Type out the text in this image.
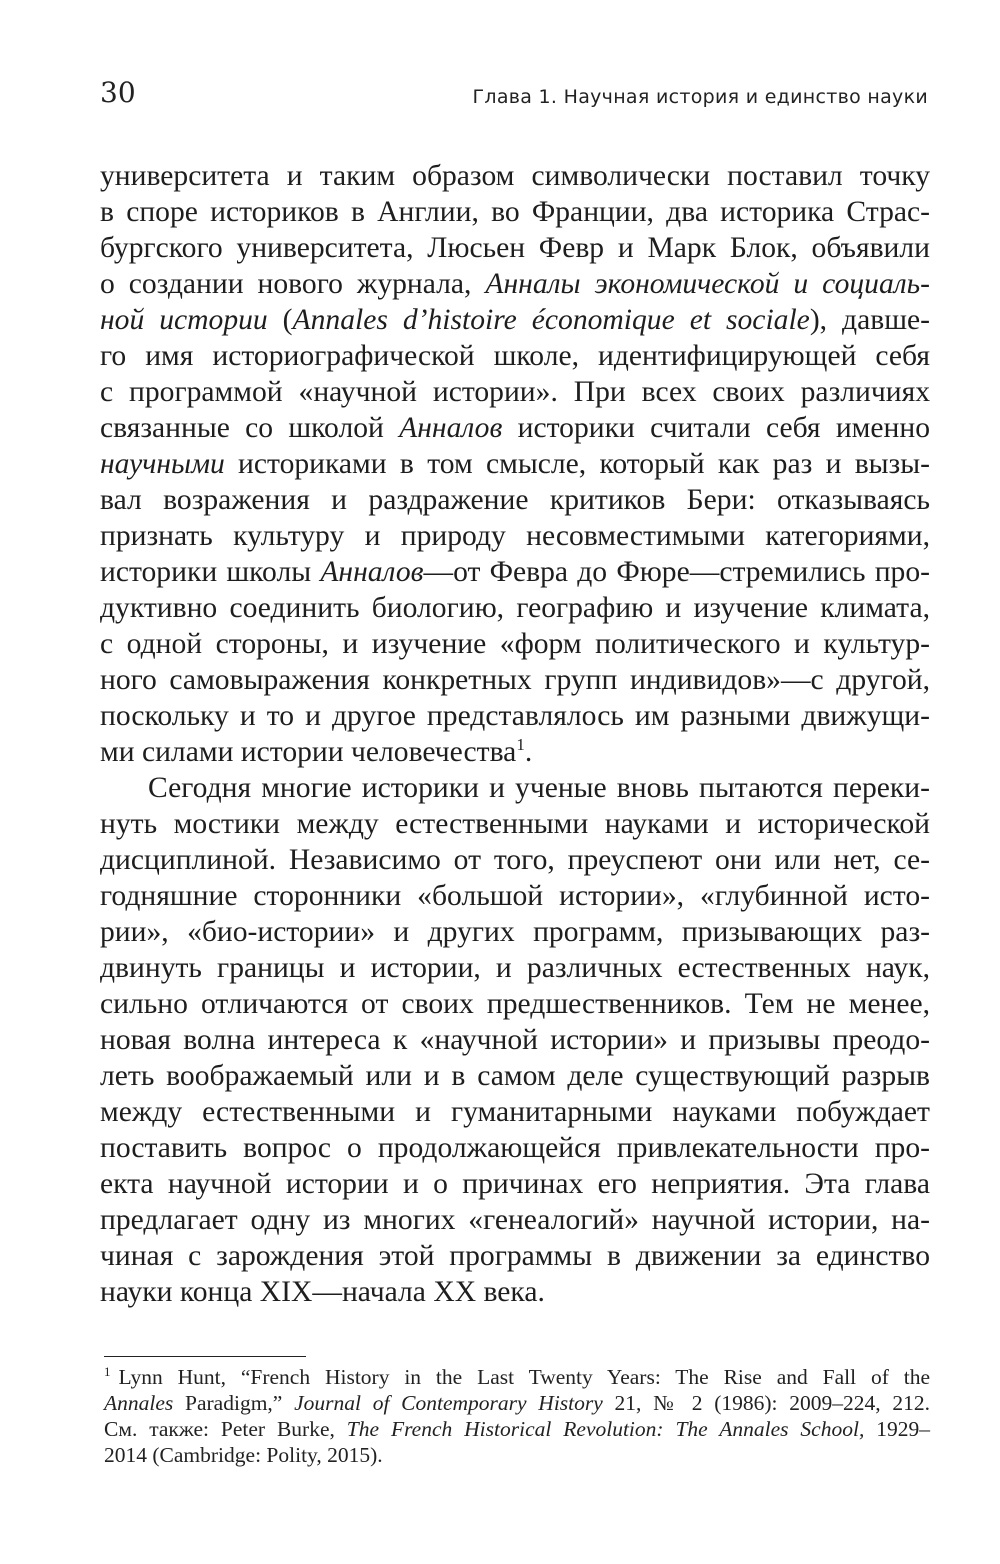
30	Глава 1. Научная история и единство науки
университета и таким образом символически поставил точку
в споре историков в Англии, во Франции, два историка Страс-
бургского университета, Люсьен Февр и Марк Блок, объявили
о создании нового журнала, Анналы экономической и социаль-
ной истории (Annales d’histoire économique et sociale), давше-
го имя историографической школе, идентифицирующей себя
с программой «научной истории». При всех своих различиях
связанные со школой Анналов историки считали себя именно
научными историками в том смысле, который как раз и вызы-
вал возражения и раздражение критиков Бери: отказываясь
признать культуру и природу несовместимыми категориями,
историки школы Анналов—от Февра до Фюре—стремились про-
дуктивно соединить биологию, географию и изучение климата,
с одной стороны, и изучение «форм политического и культур-
ного самовыражения конкретных групп индивидов»—с другой,
поскольку и то и другое представлялось им разными движущи-
ми силами истории человечества$^1$.
Сегодня многие историки и ученые вновь пытаются переки-
нуть мостики между естественными науками и исторической
дисциплиной. Независимо от того, преуспеют они или нет, се-
годняшние сторонники «большой истории», «глубинной исто-
рии», «био-истории» и других программ, призывающих раз-
двинуть границы и истории, и различных естественных наук,
сильно отличаются от своих предшественников. Тем не менее,
новая волна интереса к «научной истории» и призывы преодо-
леть воображаемый или и в самом деле существующий разрыв
между естественными и гуманитарными науками побуждает
поставить вопрос о продолжающейся привлекательности про-
екта научной истории и о причинах его неприятия. Эта глава
предлагает одну из многих «генеалогий» научной истории, на-
чиная с зарождения этой программы в движении за единство
науки конца XIX—начала XX века.
$^1$ Lynn Hunt, “French History in the Last Twenty Years: The Rise and Fall of the
Annales Paradigm,” Journal of Contemporary History 21, № 2 (1986): 2009–224, 212.
См. также: Peter Burke, The French Historical Revolution: The Annales School, 1929–
2014 (Cambridge: Polity, 2015).
